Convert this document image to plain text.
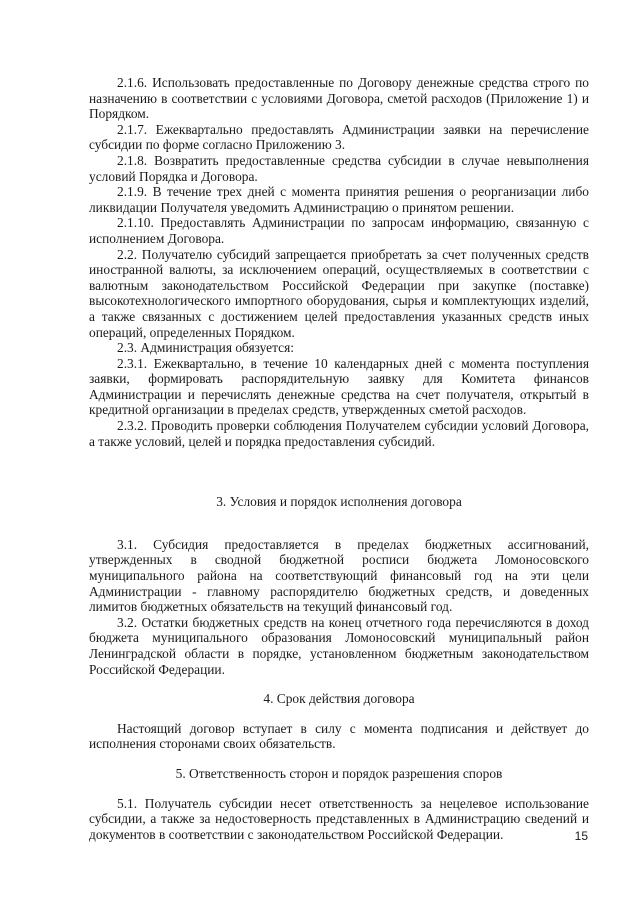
2.1.6. Использовать предоставленные по Договору денежные средства строго по назначению в соответствии с условиями Договора, сметой расходов (Приложение 1) и Порядком.

2.1.7. Ежеквартально предоставлять Администрации заявки на перечисление субсидии по форме согласно Приложению 3.

2.1.8. Возвратить предоставленные средства субсидии в случае невыполнения условий Порядка и Договора.

2.1.9. В течение трех дней с момента принятия решения о реорганизации либо ликвидации Получателя уведомить Администрацию о принятом решении.

2.1.10. Предоставлять Администрации по запросам информацию, связанную с исполнением Договора.

2.2. Получателю субсидий запрещается приобретать за счет полученных средств иностранной валюты, за исключением операций, осуществляемых в соответствии с валютным законодательством Российской Федерации при закупке (поставке) высокотехнологического импортного оборудования, сырья и комплектующих изделий, а также связанных с достижением целей предоставления указанных средств иных операций, определенных Порядком.

2.3. Администрация обязуется:

2.3.1. Ежеквартально, в течение 10 календарных дней с момента поступления заявки, формировать распорядительную заявку для Комитета финансов Администрации и перечислять денежные средства на счет получателя, открытый в кредитной организации в пределах средств, утвержденных сметой расходов.

2.3.2. Проводить проверки соблюдения Получателем субсидии условий Договора, а также условий, целей и порядка предоставления субсидий.

3. Условия и порядок исполнения договора

3.1. Субсидия предоставляется в пределах бюджетных ассигнований, утвержденных в сводной бюджетной росписи бюджета Ломоносовского муниципального района на соответствующий финансовый год на эти цели Администрации - главному распорядителю бюджетных средств, и доведенных лимитов бюджетных обязательств на текущий финансовый год.

3.2. Остатки бюджетных средств на конец отчетного года перечисляются в доход бюджета муниципального образования Ломоносовский муниципальный район Ленинградской области в порядке, установленном бюджетным законодательством Российской Федерации.

4. Срок действия договора

Настоящий договор вступает в силу с момента подписания и действует до исполнения сторонами своих обязательств.

5. Ответственность сторон и порядок разрешения споров

5.1. Получатель субсидии несет ответственность за нецелевое использование субсидии, а также за недостоверность представленных в Администрацию сведений и документов в соответствии с законодательством Российской Федерации.	15
